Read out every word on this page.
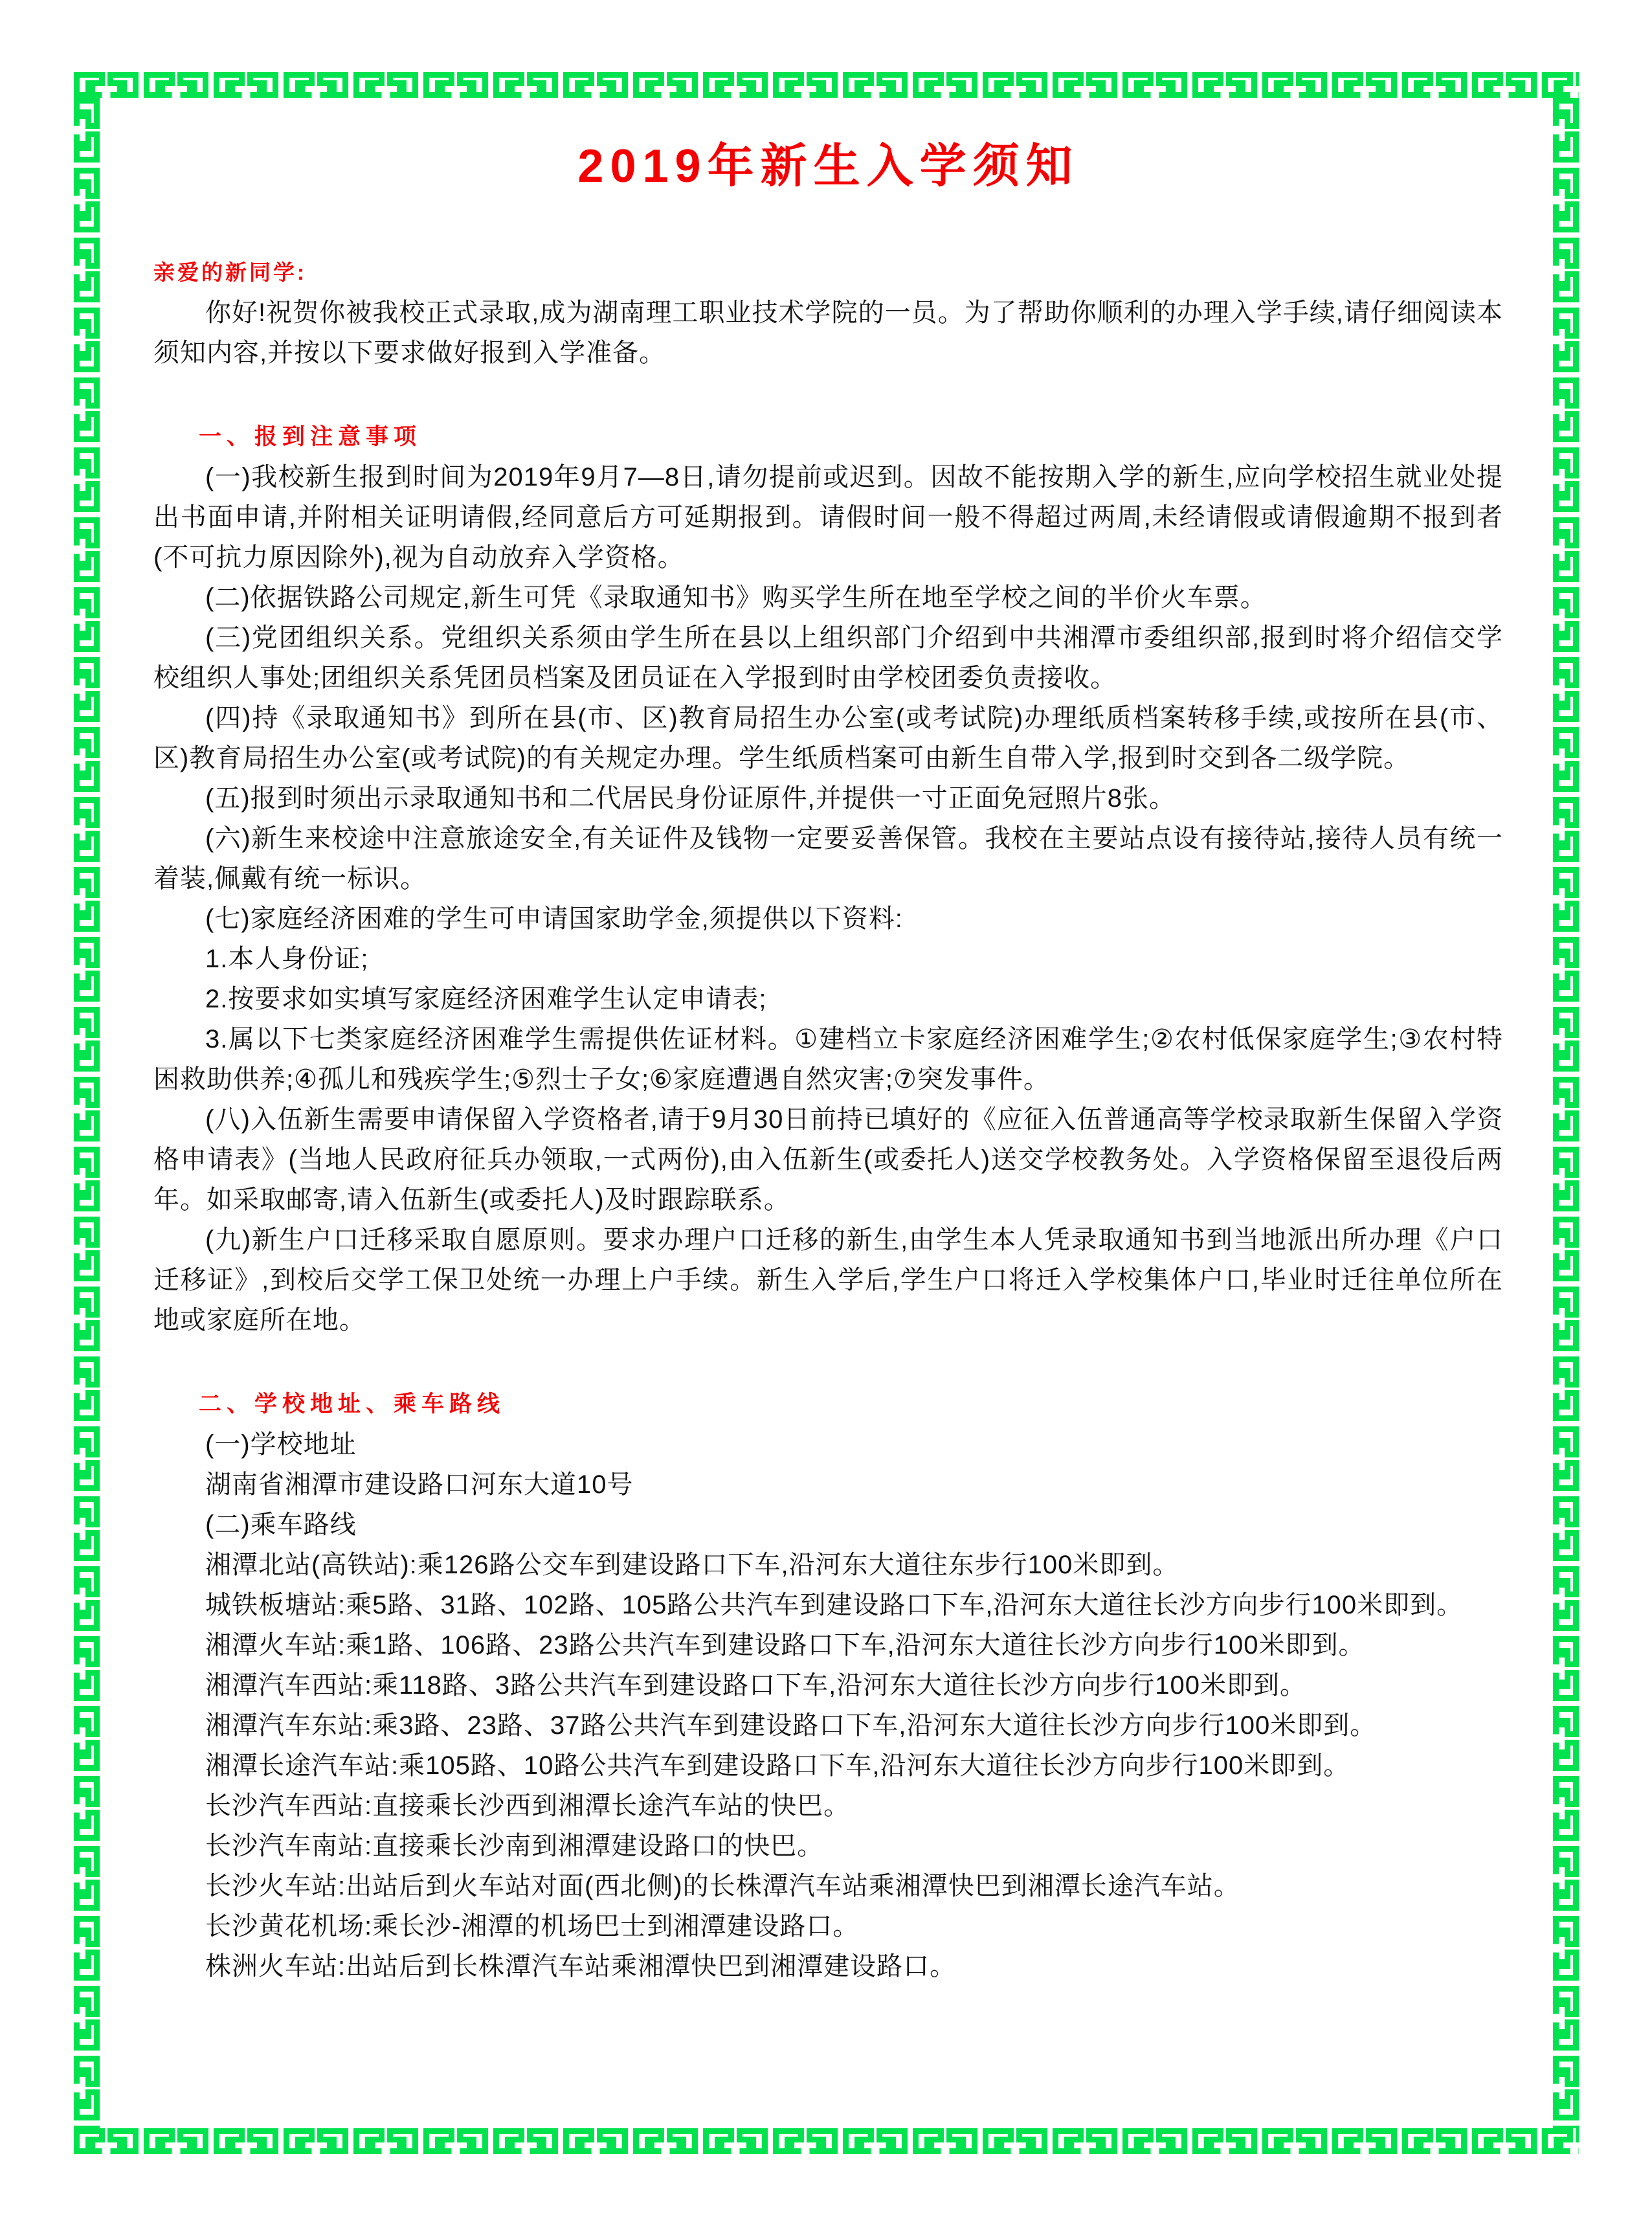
2019年新生入学须知

亲爱的新同学:

你好!祝贺你被我校正式录取,成为湖南理工职业技术学院的一员。为了帮助你顺利的办理入学手续,请仔细阅读本须知内容,并按以下要求做好报到入学准备。

一、报到注意事项

(一)我校新生报到时间为2019年9月7—8日,请勿提前或迟到。因故不能按期入学的新生,应向学校招生就业处提出书面申请,并附相关证明请假,经同意后方可延期报到。请假时间一般不得超过两周,未经请假或请假逾期不报到者(不可抗力原因除外),视为自动放弃入学资格。

(二)依据铁路公司规定,新生可凭《录取通知书》购买学生所在地至学校之间的半价火车票。

(三)党团组织关系。党组织关系须由学生所在县以上组织部门介绍到中共湘潭市委组织部,报到时将介绍信交学校组织人事处;团组织关系凭团员档案及团员证在入学报到时由学校团委负责接收。

(四)持《录取通知书》到所在县(市、区)教育局招生办公室(或考试院)办理纸质档案转移手续,或按所在县(市、区)教育局招生办公室(或考试院)的有关规定办理。学生纸质档案可由新生自带入学,报到时交到各二级学院。

(五)报到时须出示录取通知书和二代居民身份证原件,并提供一寸正面免冠照片8张。

(六)新生来校途中注意旅途安全,有关证件及钱物一定要妥善保管。我校在主要站点设有接待站,接待人员有统一着装,佩戴有统一标识。

(七)家庭经济困难的学生可申请国家助学金,须提供以下资料:

1.本人身份证;

2.按要求如实填写家庭经济困难学生认定申请表;

3.属以下七类家庭经济困难学生需提供佐证材料。①建档立卡家庭经济困难学生;②农村低保家庭学生;③农村特困救助供养;④孤儿和残疾学生;⑤烈士子女;⑥家庭遭遇自然灾害;⑦突发事件。

(八)入伍新生需要申请保留入学资格者,请于9月30日前持已填好的《应征入伍普通高等学校录取新生保留入学资格申请表》(当地人民政府征兵办领取,一式两份),由入伍新生(或委托人)送交学校教务处。入学资格保留至退役后两年。如采取邮寄,请入伍新生(或委托人)及时跟踪联系。

(九)新生户口迁移采取自愿原则。要求办理户口迁移的新生,由学生本人凭录取通知书到当地派出所办理《户口迁移证》,到校后交学工保卫处统一办理上户手续。新生入学后,学生户口将迁入学校集体户口,毕业时迁往单位所在地或家庭所在地。

二、学校地址、乘车路线

(一)学校地址

湖南省湘潭市建设路口河东大道10号

(二)乘车路线

湘潭北站(高铁站):乘126路公交车到建设路口下车,沿河东大道往东步行100米即到。

城铁板塘站:乘5路、31路、102路、105路公共汽车到建设路口下车,沿河东大道往长沙方向步行100米即到。

湘潭火车站:乘1路、106路、23路公共汽车到建设路口下车,沿河东大道往长沙方向步行100米即到。

湘潭汽车西站:乘118路、3路公共汽车到建设路口下车,沿河东大道往长沙方向步行100米即到。

湘潭汽车东站:乘3路、23路、37路公共汽车到建设路口下车,沿河东大道往长沙方向步行100米即到。

湘潭长途汽车站:乘105路、10路公共汽车到建设路口下车,沿河东大道往长沙方向步行100米即到。

长沙汽车西站:直接乘长沙西到湘潭长途汽车站的快巴。

长沙汽车南站:直接乘长沙南到湘潭建设路口的快巴。

长沙火车站:出站后到火车站对面(西北侧)的长株潭汽车站乘湘潭快巴到湘潭长途汽车站。

长沙黄花机场:乘长沙-湘潭的机场巴士到湘潭建设路口。

株洲火车站:出站后到长株潭汽车站乘湘潭快巴到湘潭建设路口。
